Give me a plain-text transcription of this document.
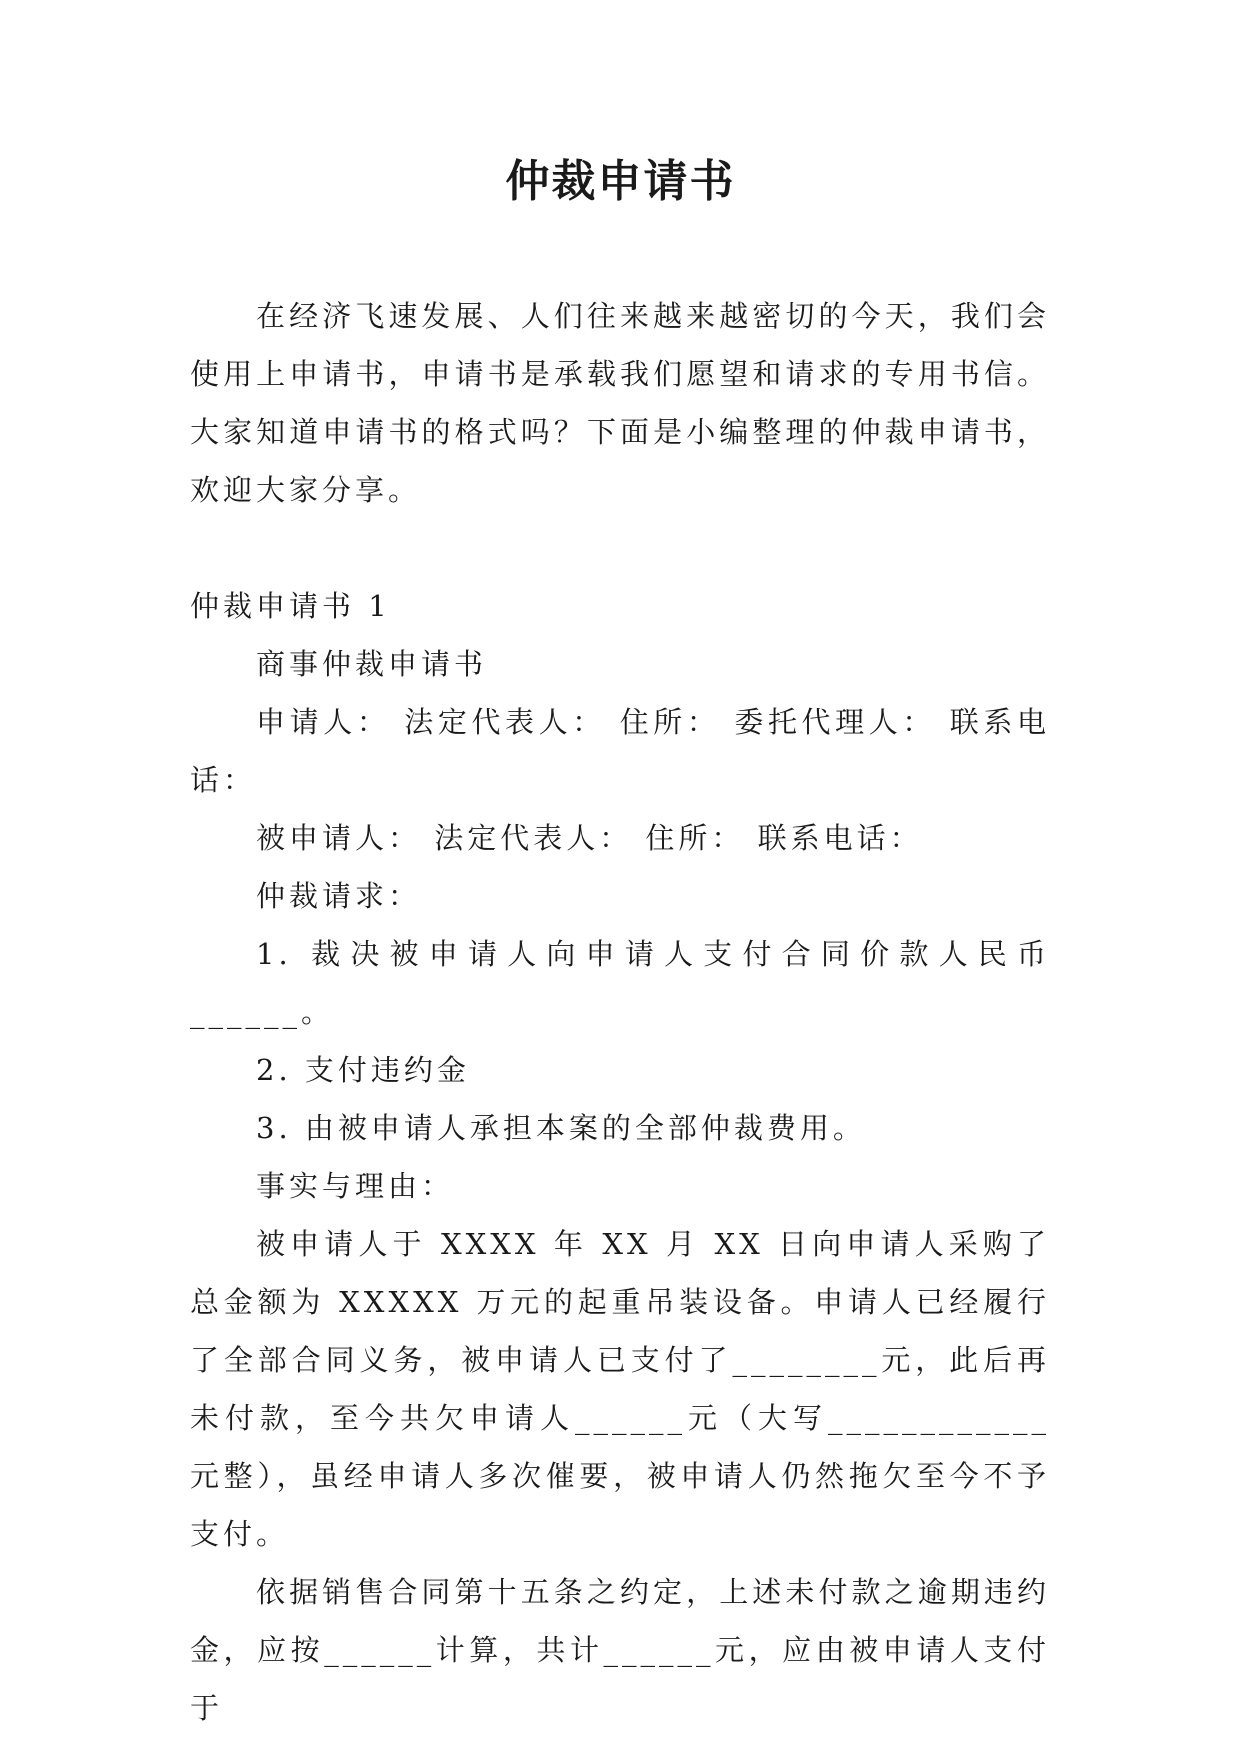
仲裁申请书

在经济飞速发展、人们往来越来越密切的今天，我们会使用上申请书，申请书是承载我们愿望和请求的专用书信。大家知道申请书的格式吗？下面是小编整理的仲裁申请书，欢迎大家分享。

仲裁申请书 1

商事仲裁申请书

申请人： 法定代表人： 住所： 委托代理人： 联系电话：

被申请人： 法定代表人： 住所： 联系电话：

仲裁请求：

1. 裁决被申请人向申请人支付合同价款人民币______。

2. 支付违约金

3. 由被申请人承担本案的全部仲裁费用。

事实与理由：

被申请人于 XXXX 年 XX 月 XX 日向申请人采购了总金额为 XXXXX 万元的起重吊装设备。申请人已经履行了全部合同义务，被申请人已支付了________元，此后再未付款，至今共欠申请人______元（大写____________元整），虽经申请人多次催要，被申请人仍然拖欠至今不予支付。

依据销售合同第十五条之约定，上述未付款之逾期违约金，应按______计算，共计______元，应由被申请人支付于
